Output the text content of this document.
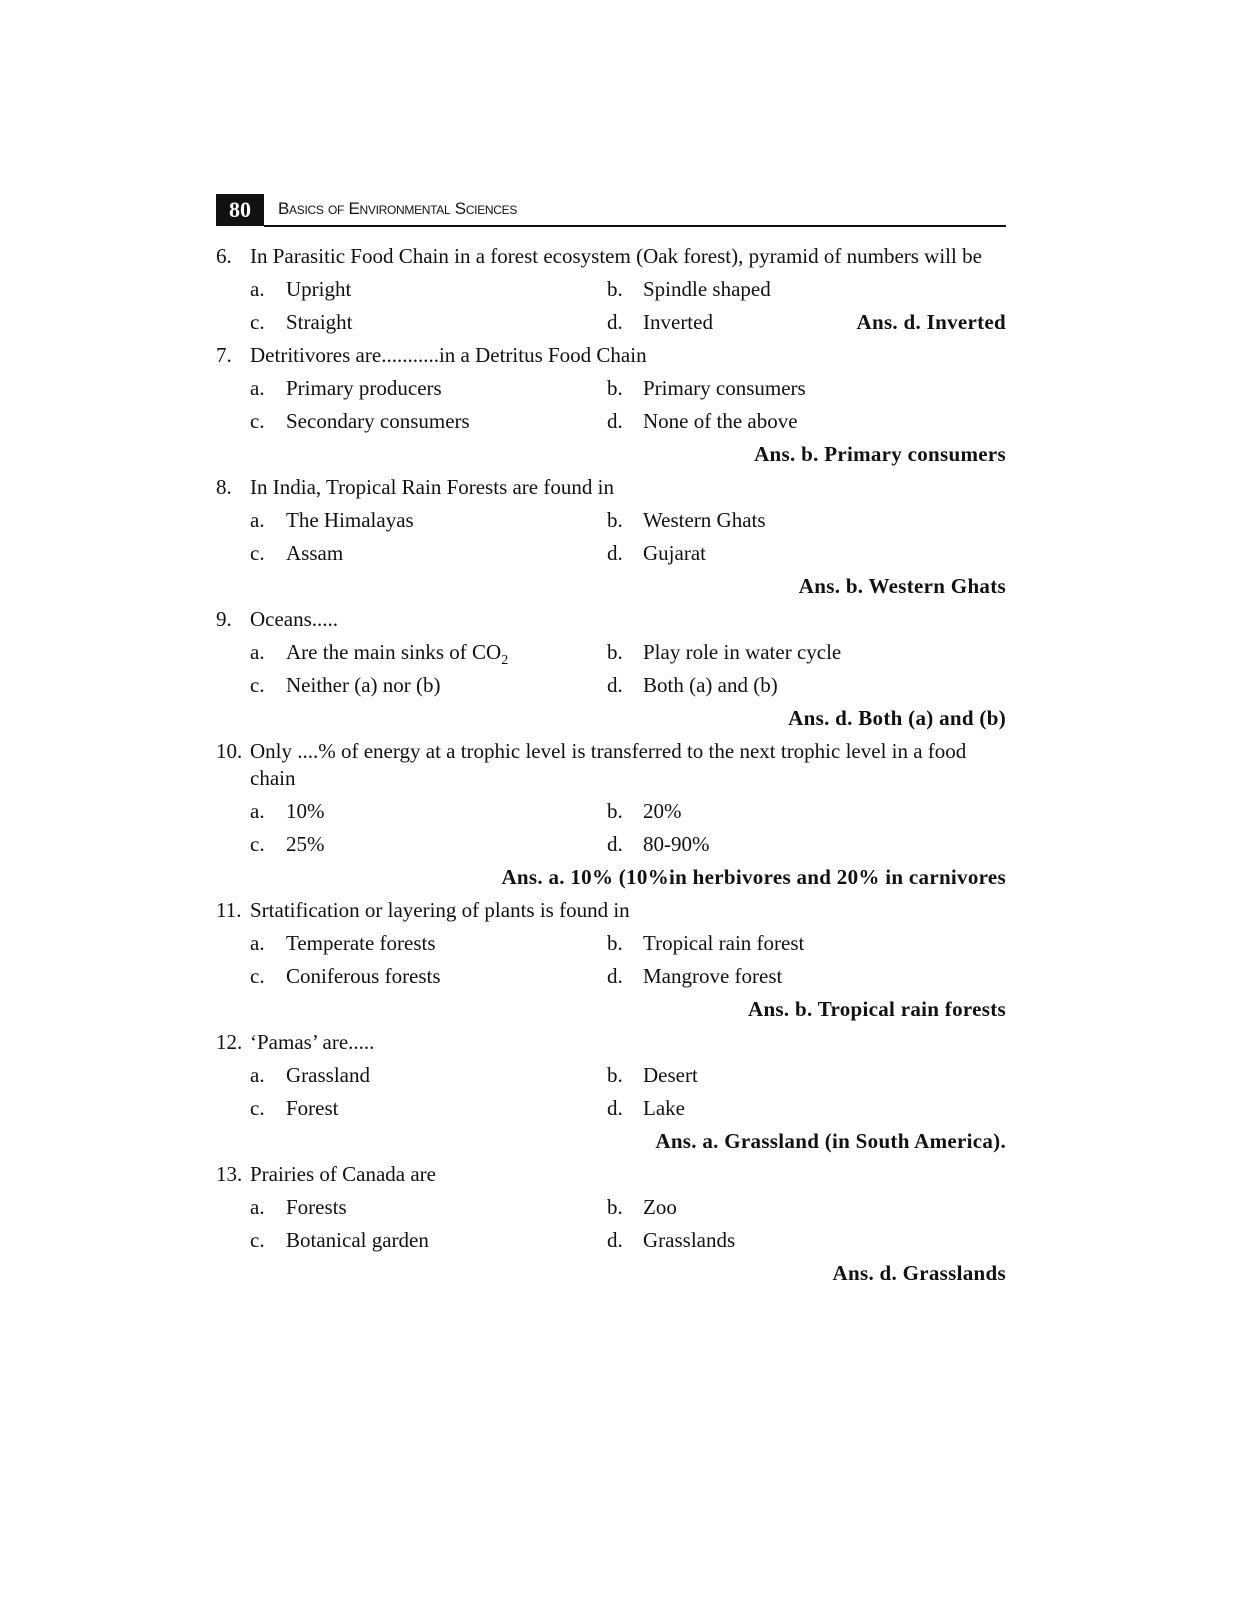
80	Basics of Environmental Sciences
6. In Parasitic Food Chain in a forest ecosystem (Oak forest), pyramid of numbers will be
a. Upright	b. Spindle shaped
c. Straight	d. Inverted	Ans. d. Inverted
7. Detritivores are...........in a Detritus Food Chain
a. Primary producers	b. Primary consumers
c. Secondary consumers	d. None of the above
Ans. b. Primary consumers
8. In India, Tropical Rain Forests are found in
a. The Himalayas	b. Western Ghats
c. Assam	d. Gujarat
Ans. b. Western Ghats
9. Oceans.....
a. Are the main sinks of $CO_2$	b. Play role in water cycle
c. Neither (a) nor (b)	d. Both (a) and (b)
Ans. d. Both (a) and (b)
10. Only ....% of energy at a trophic level is transferred to the next trophic level in a food chain
a. 10%	b. 20%
c. 25%	d. 80-90%
Ans. a. 10% (10%in herbivores and 20% in carnivores
11. Srtatification or layering of plants is found in
a. Temperate forests	b. Tropical rain forest
c. Coniferous forests	d. Mangrove forest
Ans. b. Tropical rain forests
12. ‘Pamas’ are.....
a. Grassland	b. Desert
c. Forest	d. Lake
Ans. a. Grassland (in South America).
13. Prairies of Canada are
a. Forests	b. Zoo
c. Botanical garden	d. Grasslands
Ans. d. Grasslands
